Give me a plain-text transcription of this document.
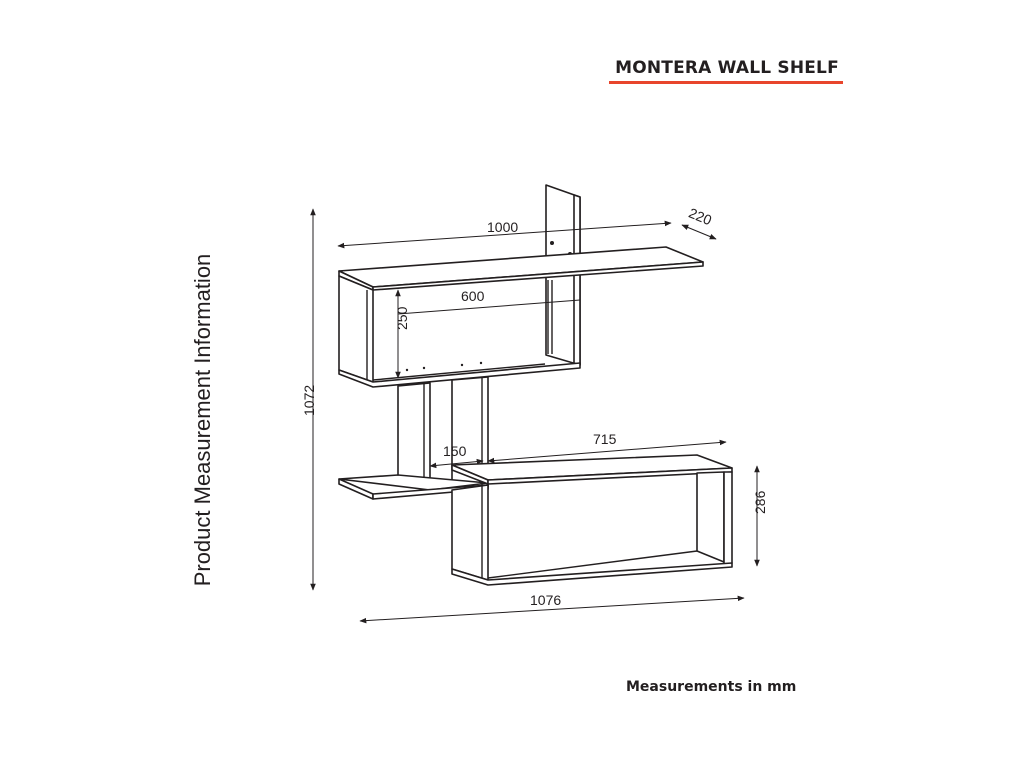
MONTERA WALL SHELF
Product Measurement Information
1000	220
600
250
1072
150
715
286
1076
Measurements in mm
